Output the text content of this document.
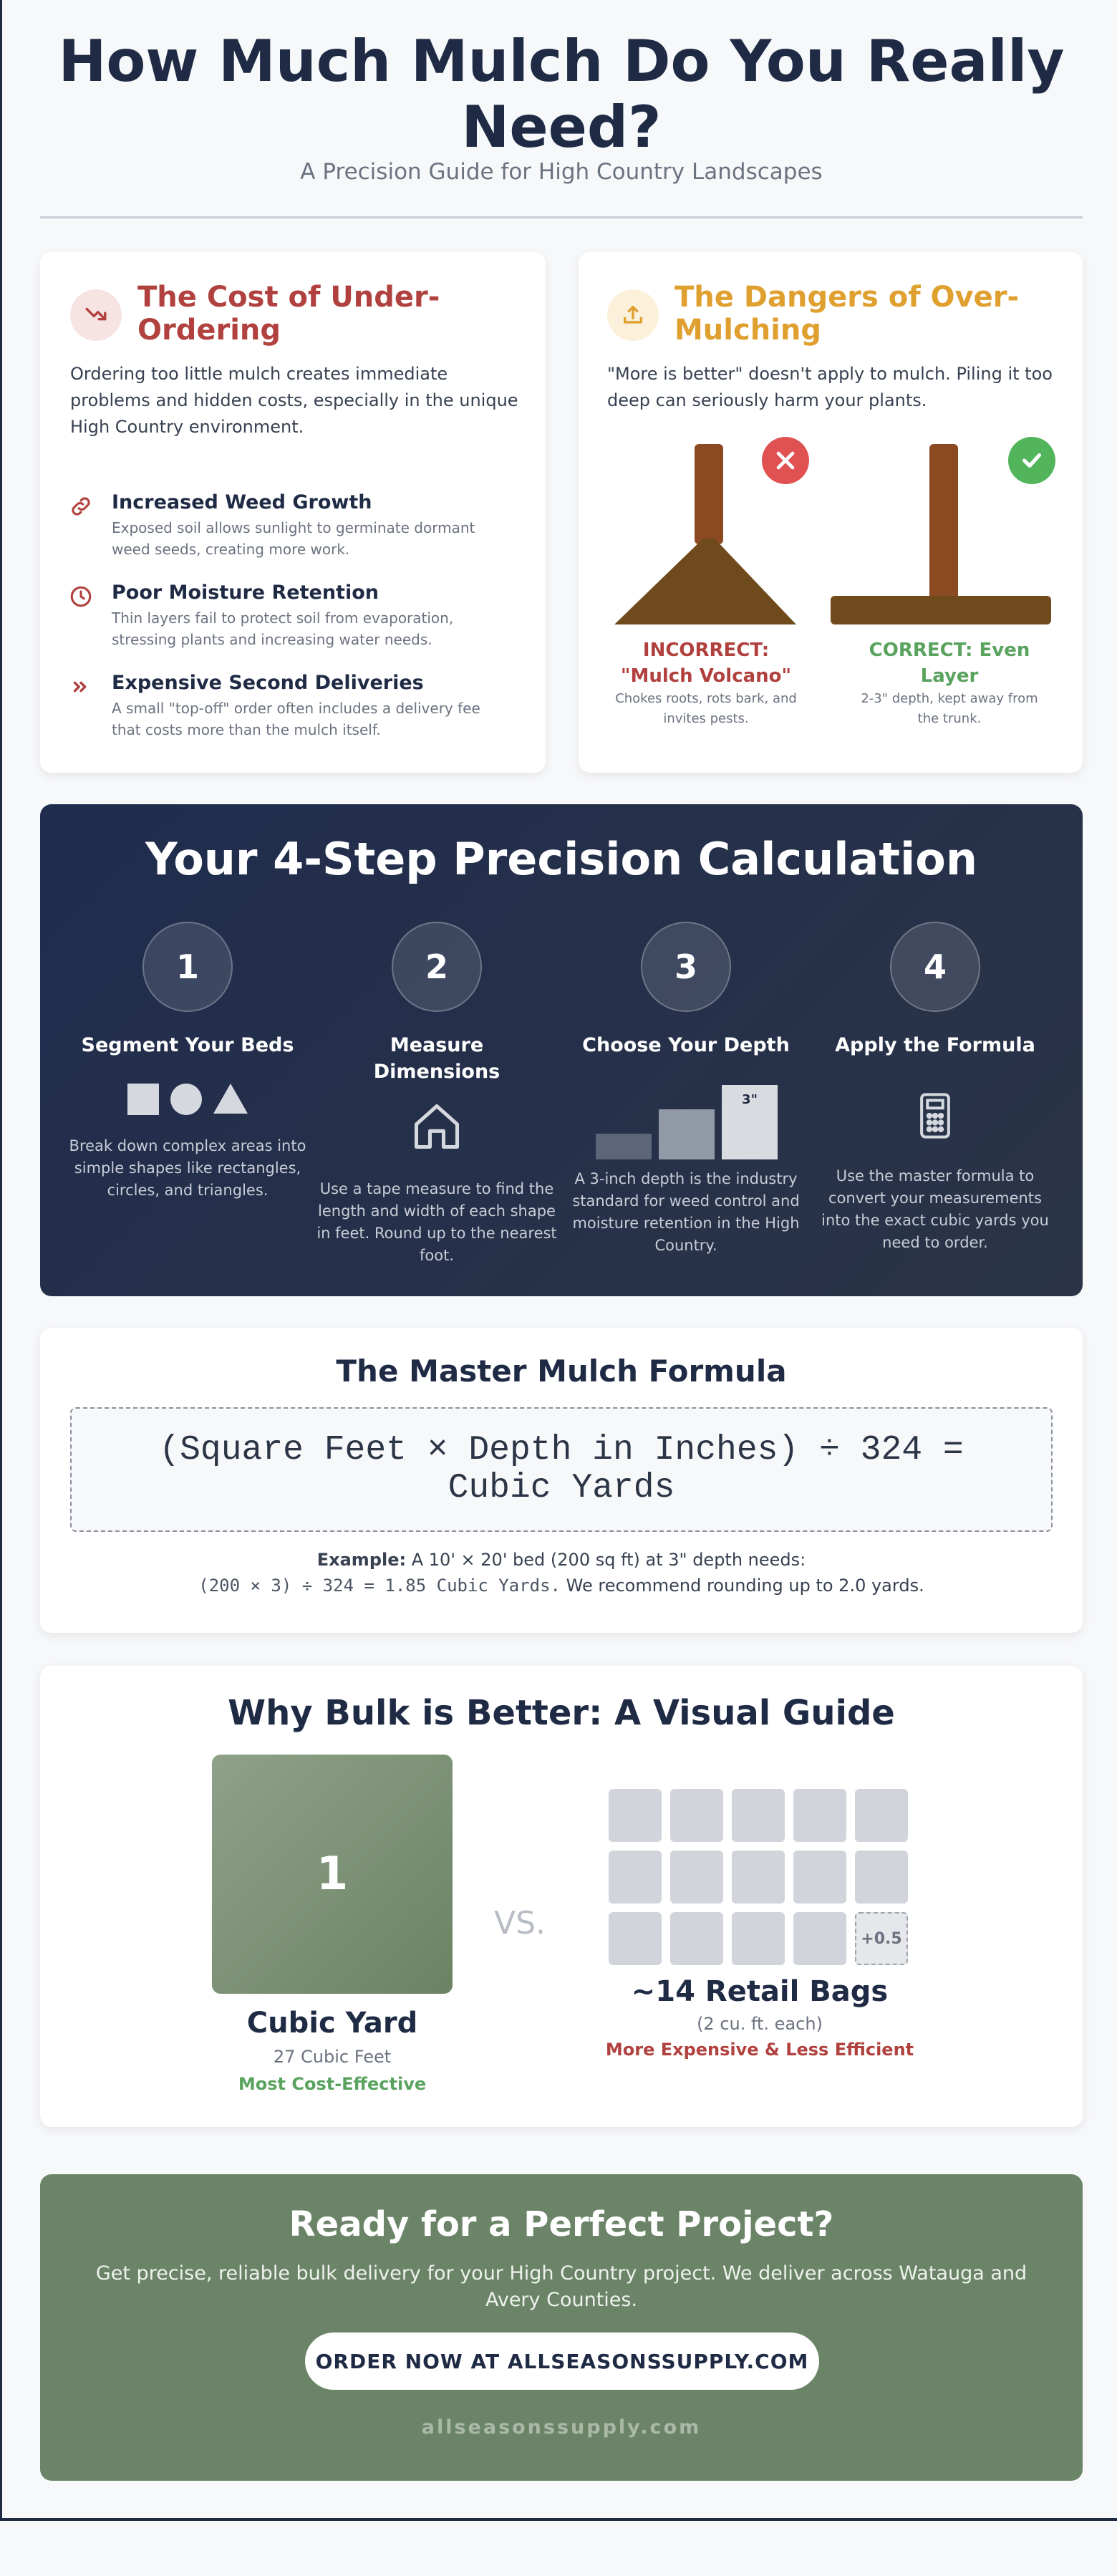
How Much Mulch Do You Really Need?
A Precision Guide for High Country Landscapes
The Cost of Under-Ordering
Ordering too little mulch creates immediate problems and hidden costs, especially in the unique High Country environment.
Increased Weed Growth
Exposed soil allows sunlight to germinate dormant weed seeds, creating more work.
Poor Moisture Retention
Thin layers fail to protect soil from evaporation, stressing plants and increasing water needs.
Expensive Second Deliveries
A small "top-off" order often includes a delivery fee that costs more than the mulch itself.
The Dangers of Over-Mulching
"More is better" doesn't apply to mulch. Piling it too deep can seriously harm your plants.
INCORRECT: "Mulch Volcano"
Chokes roots, rots bark, and invites pests.
CORRECT: Even Layer
2-3" depth, kept away from the trunk.
Your 4-Step Precision Calculation
1
Segment Your Beds
Break down complex areas into simple shapes like rectangles, circles, and triangles.
2
Measure Dimensions
Use a tape measure to find the length and width of each shape in feet. Round up to the nearest foot.
3
Choose Your Depth
3"
A 3-inch depth is the industry standard for weed control and moisture retention in the High Country.
4
Apply the Formula
Use the master formula to convert your measurements into the exact cubic yards you need to order.
The Master Mulch Formula
(Square Feet × Depth in Inches) ÷ 324 = Cubic Yards
Example: A 10' × 20' bed (200 sq ft) at 3" depth needs:
(200 × 3) ÷ 324 = 1.85 Cubic Yards. We recommend rounding up to 2.0 yards.
Why Bulk is Better: A Visual Guide
1
Cubic Yard
27 Cubic Feet
Most Cost-Effective
VS.	+0.5
~14 Retail Bags
(2 cu. ft. each)
More Expensive & Less Efficient
Ready for a Perfect Project?
Get precise, reliable bulk delivery for your High Country project. We deliver across Watauga and Avery Counties.
ORDER NOW AT ALLSEASONSSUPPLY.COM
allseasonssupply.com
